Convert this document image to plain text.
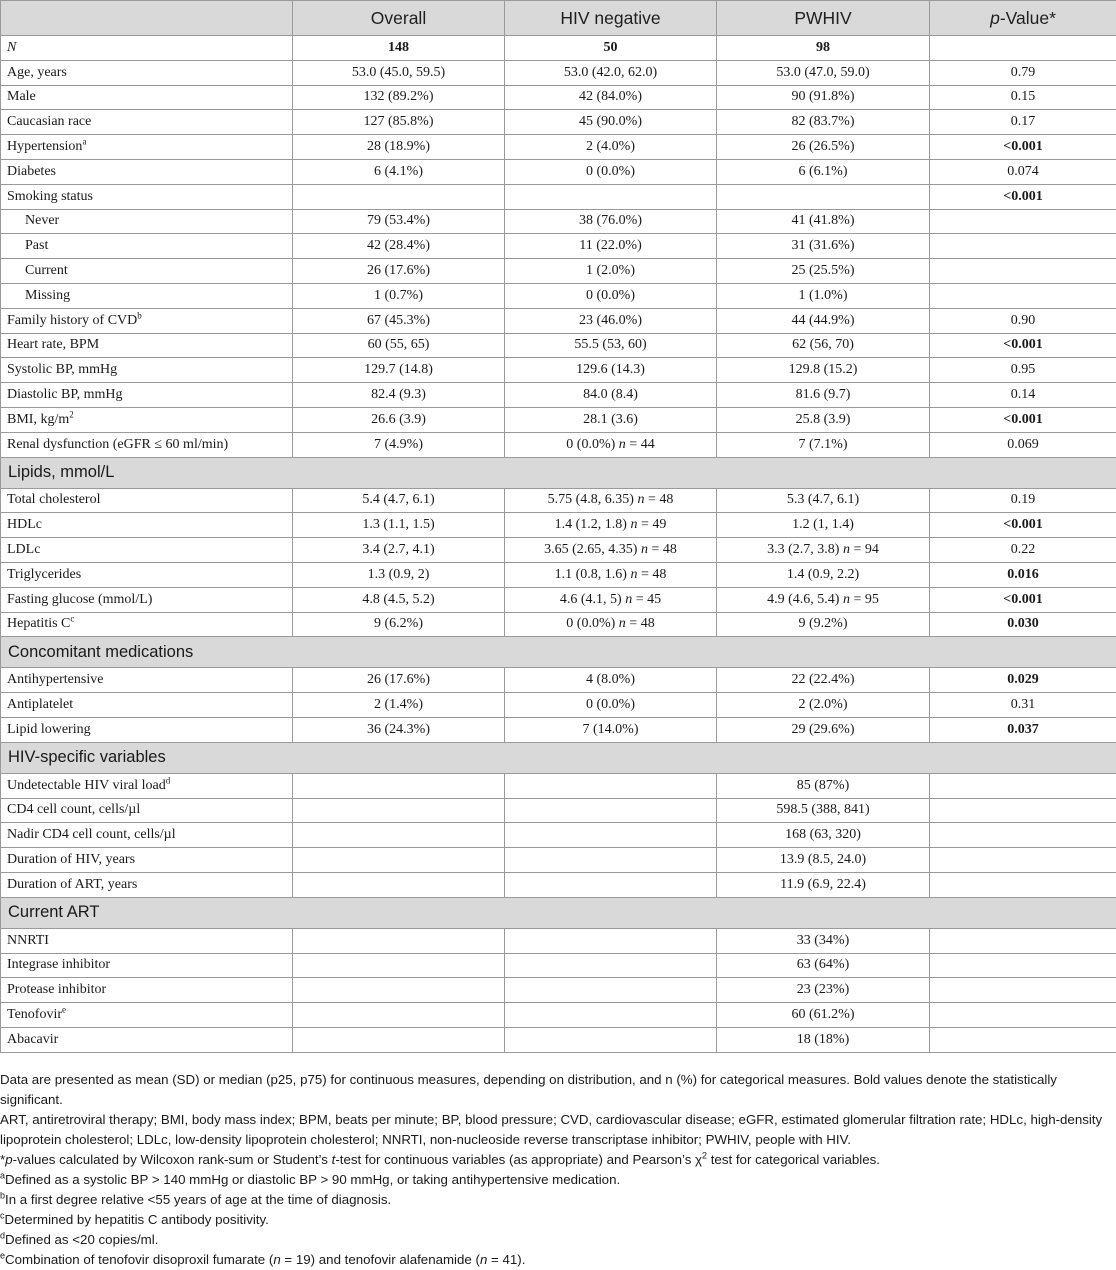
	Overall	HIV negative	PWHIV	p-Value*
N	148	50	98	
Age, years	53.0 (45.0, 59.5)	53.0 (42.0, 62.0)	53.0 (47.0, 59.0)	0.79
Male	132 (89.2%)	42 (84.0%)	90 (91.8%)	0.15
Caucasian race	127 (85.8%)	45 (90.0%)	82 (83.7%)	0.17
Hypertension$^a$	28 (18.9%)	2 (4.0%)	26 (26.5%)	<0.001
Diabetes	6 (4.1%)	0 (0.0%)	6 (6.1%)	0.074
Smoking status				<0.001
Never	79 (53.4%)	38 (76.0%)	41 (41.8%)	
Past	42 (28.4%)	11 (22.0%)	31 (31.6%)	
Current	26 (17.6%)	1 (2.0%)	25 (25.5%)	
Missing	1 (0.7%)	0 (0.0%)	1 (1.0%)	
Family history of CVD$^b$	67 (45.3%)	23 (46.0%)	44 (44.9%)	0.90
Heart rate, BPM	60 (55, 65)	55.5 (53, 60)	62 (56, 70)	<0.001
Systolic BP, mmHg	129.7 (14.8)	129.6 (14.3)	129.8 (15.2)	0.95
Diastolic BP, mmHg	82.4 (9.3)	84.0 (8.4)	81.6 (9.7)	0.14
BMI, $kg/m^2$	26.6 (3.9)	28.1 (3.6)	25.8 (3.9)	<0.001
Renal dysfunction (eGFR ≤ 60 ml/min)	7 (4.9%)	0 (0.0%) n = 44	7 (7.1%)	0.069
Lipids, mmol/L				
Total cholesterol	5.4 (4.7, 6.1)	5.75 (4.8, 6.35) n = 48	5.3 (4.7, 6.1)	0.19
HDLc	1.3 (1.1, 1.5)	1.4 (1.2, 1.8) n = 49	1.2 (1, 1.4)	<0.001
LDLc	3.4 (2.7, 4.1)	3.65 (2.65, 4.35) n = 48	3.3 (2.7, 3.8) n = 94	0.22
Triglycerides	1.3 (0.9, 2)	1.1 (0.8, 1.6) n = 48	1.4 (0.9, 2.2)	0.016
Fasting glucose (mmol/L)	4.8 (4.5, 5.2)	4.6 (4.1, 5) n = 45	4.9 (4.6, 5.4) n = 95	<0.001
Hepatitis $C^c$	9 (6.2%)	0 (0.0%) n = 48	9 (9.2%)	0.030
Concomitant medications				
Antihypertensive	26 (17.6%)	4 (8.0%)	22 (22.4%)	0.029
Antiplatelet	2 (1.4%)	0 (0.0%)	2 (2.0%)	0.31
Lipid lowering	36 (24.3%)	7 (14.0%)	29 (29.6%)	0.037
HIV-specific variables				
Undetectable HIV viral load$^d$			85 (87%)	
CD4 cell count, cells/µl			598.5 (388, 841)	
Nadir CD4 cell count, cells/µl			168 (63, 320)	
Duration of HIV, years			13.9 (8.5, 24.0)	
Duration of ART, years			11.9 (6.9, 22.4)	
Current ART				
NNRTI			33 (34%)	
Integrase inhibitor			63 (64%)	
Protease inhibitor			23 (23%)	
Tenofovir$^e$			60 (61.2%)	
Abacavir			18 (18%)	

Data are presented as mean (SD) or median (p25, p75) for continuous measures, depending on distribution, and n (%) for categorical measures. Bold values denote the statistically significant.

ART, antiretroviral therapy; BMI, body mass index; BPM, beats per minute; BP, blood pressure; CVD, cardiovascular disease; eGFR, estimated glomerular filtration rate; HDLc, high-density lipoprotein cholesterol; LDLc, low-density lipoprotein cholesterol; NNRTI, non-nucleoside reverse transcriptase inhibitor; PWHIV, people with HIV.

*p-values calculated by Wilcoxon rank-sum or Student’s t-test for continuous variables (as appropriate) and Pearson’s $\chi^2$ test for categorical variables.

$^a$Defined as a systolic BP > 140 mmHg or diastolic BP > 90 mmHg, or taking antihypertensive medication.

$^b$In a first degree relative <55 years of age at the time of diagnosis.

$^c$Determined by hepatitis C antibody positivity.

$^d$Defined as <20 copies/ml.

$^e$Combination of tenofovir disoproxil fumarate (n = 19) and tenofovir alafenamide (n = 41).
